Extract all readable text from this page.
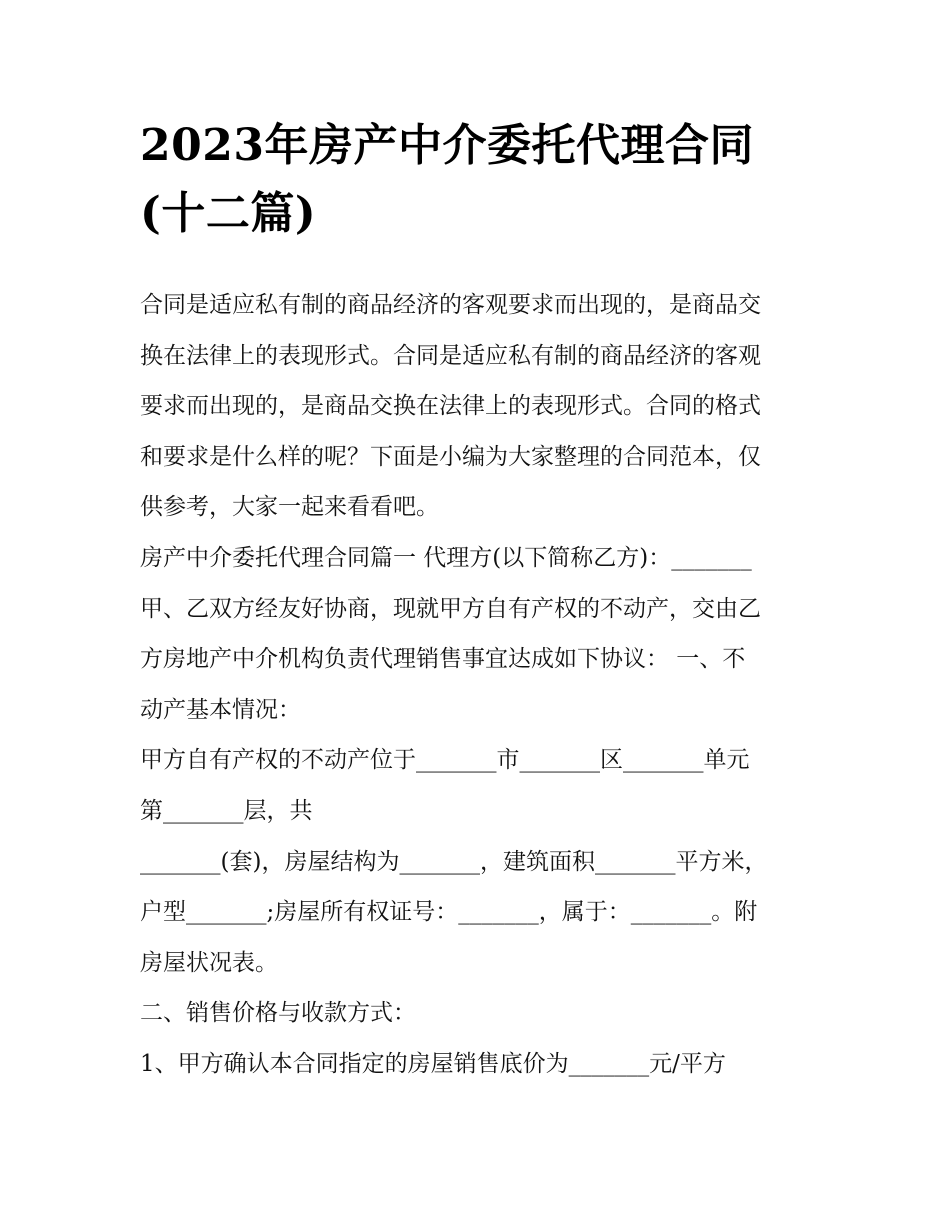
2023年房产中介委托代理合同
(十二篇)
合同是适应私有制的商品经济的客观要求而出现的，是商品交
换在法律上的表现形式。合同是适应私有制的商品经济的客观
要求而出现的，是商品交换在法律上的表现形式。合同的格式
和要求是什么样的呢？下面是小编为大家整理的合同范本，仅
供参考，大家一起来看看吧。
房产中介委托代理合同篇一 代理方(以下简称乙方)：_______
甲、乙双方经友好协商，现就甲方自有产权的不动产，交由乙
方房地产中介机构负责代理销售事宜达成如下协议： 一、不
动产基本情况：
甲方自有产权的不动产位于_______市_______区_______单元
第_______层，共
_______(套)，房屋结构为_______，建筑面积_______平方米，
户型_______;房屋所有权证号：_______，属于：_______。附
房屋状况表。
二、销售价格与收款方式：
1、甲方确认本合同指定的房屋销售底价为_______元/平方
